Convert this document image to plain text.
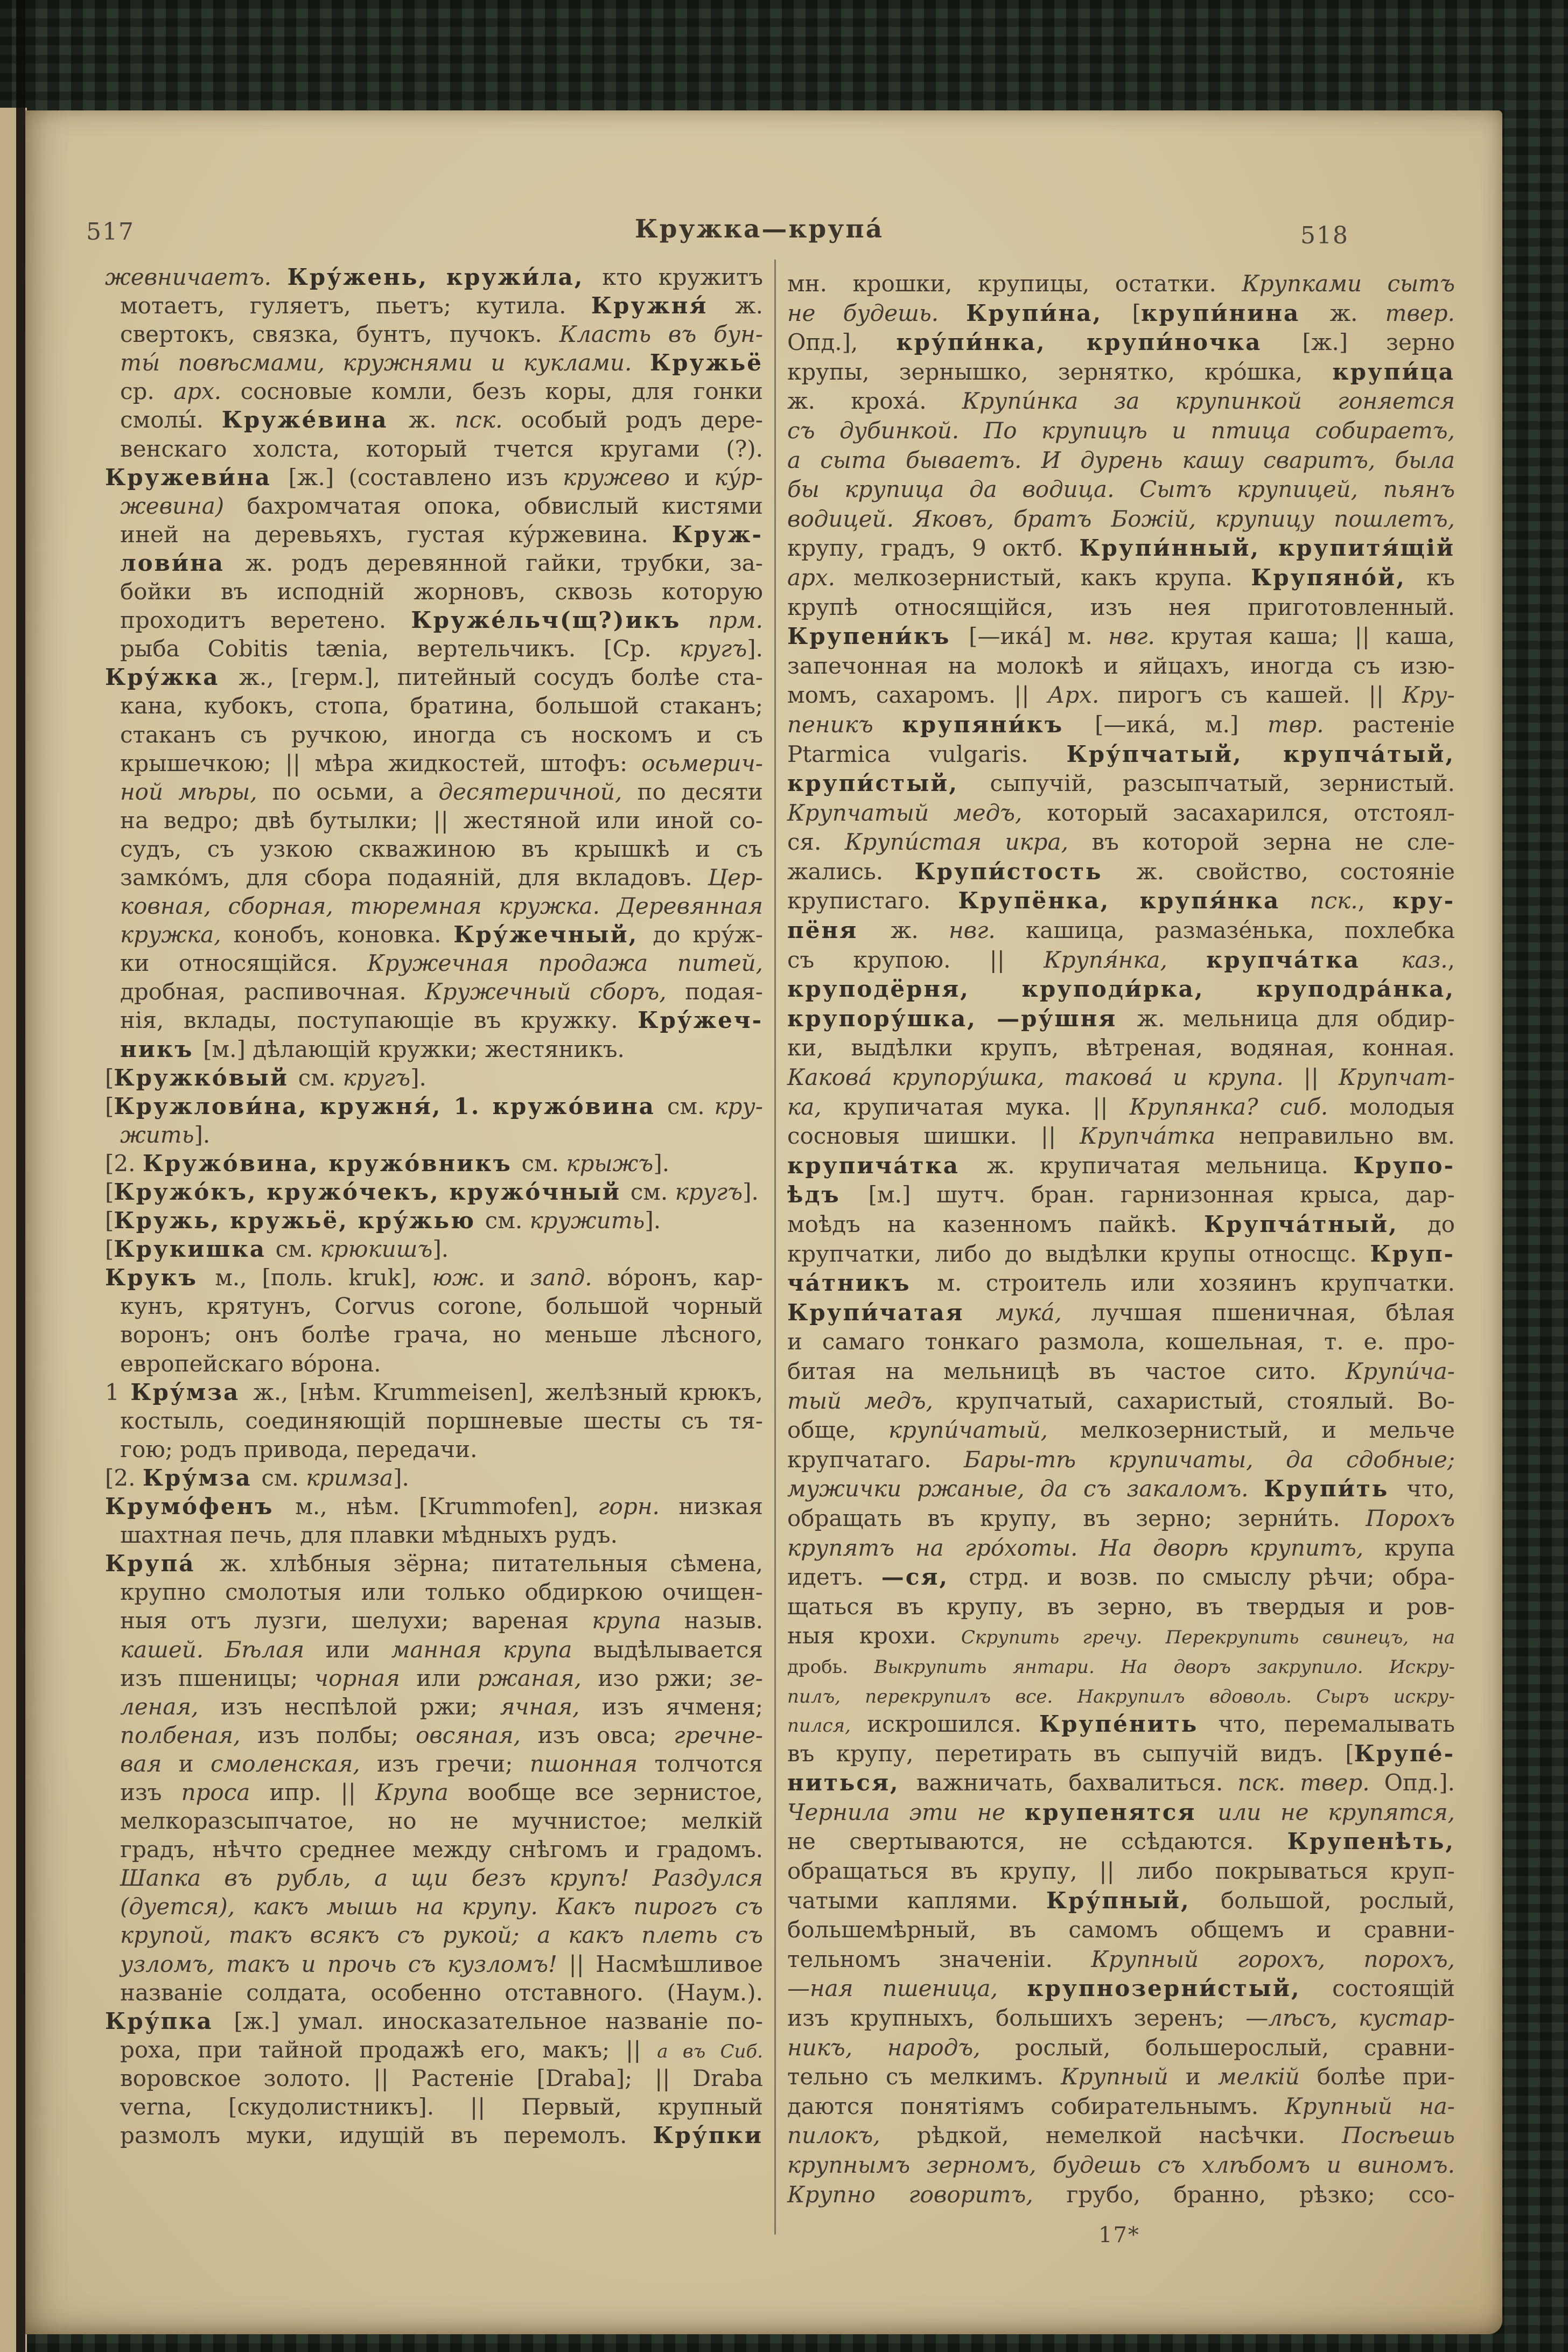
517	Кружка—крупа́	518
жевничаетъ. Кру́жень, кружи́ла, кто кружитъ
мотаетъ, гуляетъ, пьетъ; кутила. Кружня́ ж.
свертокъ, связка, бунтъ, пучокъ. Класть въ бун-
ты́ повѣсмами, кружнями и куклами. Кружьё
ср. арх. сосновые комли, безъ коры, для гонки
смолы́. Круже́вина ж. пск. особый родъ дере-
венскаго холста, который тчется кругами (?).
Кружеви́на [ж.] (составлено изъ кружево и ку́р-
жевина) бахромчатая опока, обвислый кистями
иней на деревьяхъ, густая ку́ржевина. Круж-
лови́на ж. родъ деревянной гайки, трубки, за-
бойки въ исподній жорновъ, сквозь которую
проходитъ веретено. Круже́льч(щ?)икъ прм.
рыба Cobitis tænia, вертельчикъ. [Ср. кругъ].
Кру́жка ж., [герм.], питейный сосудъ болѣе ста-
кана, кубокъ, стопа, братина, большой стаканъ;
стаканъ съ ручкою, иногда съ носкомъ и съ
крышечкою; || мѣра жидкостей, штофъ: осьмерич-
ной мѣры, по осьми, а десятеричной, по десяти
на ведро; двѣ бутылки; || жестяной или иной со-
судъ, съ узкою скважиною въ крышкѣ и съ
замко́мъ, для сбора подаяній, для вкладовъ. Цер-
ковная, сборная, тюремная кружка. Деревянная
кружка, конобъ, коновка. Кру́жечный, до кру́ж-
ки относящійся. Кружечная продажа питей,
дробная, распивочная. Кружечный сборъ, подая-
нія, вклады, поступающіе въ кружку. Кру́жеч-
никъ [м.] дѣлающій кружки; жестяникъ.
[Кружко́вый см. кругъ].
[Кружлови́на, кружня́, 1. кружо́вина см. кру-
жить].
[2. Кружо́вина, кружо́вникъ см. крыжъ].
[Кружо́къ, кружо́чекъ, кружо́чный см. кругъ].
[Кружь, кружьё, кру́жью см. кружить].
[Крукишка см. крюкишъ].
Крукъ м., [поль. kruk], юж. и запд. во́ронъ, кар-
кунъ, крятунъ, Corvus corone, большой чорный
воронъ; онъ болѣе грача, но меньше лѣсного,
европейскаго во́рона.
1 Кру́мза ж., [нѣм. Krummeisen], желѣзный крюкъ,
костыль, соединяющій поршневые шесты съ тя-
гою; родъ привода, передачи.
[2. Кру́мза см. кримза].
Крумо́фенъ м., нѣм. [Krummofen], горн. низкая
шахтная печь, для плавки мѣдныхъ рудъ.
Крупа́ ж. хлѣбныя зёрна; питательныя сѣмена,
крупно смолотыя или только обдиркою очищен-
ныя отъ лузги, шелухи; вареная крупа назыв.
кашей. Бѣлая или манная крупа выдѣлывается
изъ пшеницы; чорная или ржаная, изо ржи; зе-
леная, изъ неспѣлой ржи; ячная, изъ ячменя;
полбеная, изъ полбы; овсяная, изъ овса; гречне-
вая и смоленская, изъ гречи; пшонная толчотся
изъ проса ипр. || Крупа вообще все зернистое,
мелкоразсыпчатое, но не мучнистое; мелкій
градъ, нѣчто среднее между снѣгомъ и градомъ.
Шапка въ рубль, а щи безъ крупъ! Раздулся
(дуется), какъ мышь на крупу. Какъ пирогъ съ
крупой, такъ всякъ съ рукой; а какъ плеть съ
узломъ, такъ и прочь съ кузломъ! || Насмѣшливое
названіе солдата, особенно отставного. (Наум.).
Кру́пка [ж.] умал. иносказательное названіе по-
роха, при тайной продажѣ его, макъ; || а въ Сиб.
воровское золото. || Растеніе [Draba]; || Draba
verna, [скудолистникъ]. || Первый, крупный
размолъ муки, идущій въ перемолъ. Кру́пки
мн. крошки, крупицы, остатки. Крупками сытъ
не будешь. Крупи́на, [крупи́нина ж. твер.
Опд.], кру́пи́нка, крупи́ночка [ж.] зерно
крупы, зернышко, зернятко, кро́шка, крупи́ца
ж. кроха́. Крупи́нка за крупинкой гоняется
съ дубинкой. По крупицѣ и птица собираетъ,
а сыта бываетъ. И дурень кашу сваритъ, была
бы крупица да водица. Сытъ крупицей, пьянъ
водицей. Яковъ, братъ Божій, крупицу пошлетъ,
крупу, градъ, 9 октб. Крупи́нный, крупитя́щій
арх. мелкозернистый, какъ крупа. Крупяно́й, къ
крупѣ относящійся, изъ нея приготовленный.
Крупени́къ [—ика́] м. нвг. крутая каша; || каша,
запечонная на молокѣ и яйцахъ, иногда съ изю-
момъ, сахаромъ. || Арх. пирогъ съ кашей. || Кру-
пеникъ крупяни́къ [—ика́, м.] твр. растеніе
Ptarmica vulgaris. Кру́пчатый, крупча́тый,
крупи́стый, сыпучій, разсыпчатый, зернистый.
Крупчатый медъ, который засахарился, отстоял-
ся. Крупи́стая икра, въ которой зерна не сле-
жались. Крупи́стость ж. свойство, состояніе
крупистаго. Крупёнка, крупя́нка пск., кру-
пёня ж. нвг. кашица, размазе́нька, похлебка
съ крупою. || Крупя́нка, крупча́тка каз.,
круподёрня, круподи́рка, круподра́нка,
крупору́шка, —ру́шня ж. мельница для обдир-
ки, выдѣлки крупъ, вѣтреная, водяная, конная.
Какова́ крупору́шка, такова́ и крупа. || Крупчат-
ка, крупичатая мука. || Крупянка? сиб. молодыя
сосновыя шишки. || Крупча́тка неправильно вм.
крупича́тка ж. крупичатая мельница. Крупо-
ѣдъ [м.] шутч. бран. гарнизонная крыса, дар-
моѣдъ на казенномъ пайкѣ. Крупча́тный, до
крупчатки, либо до выдѣлки крупы относщс. Круп-
ча́тникъ м. строитель или хозяинъ крупчатки.
Крупи́чатая мука́, лучшая пшеничная, бѣлая
и самаго тонкаго размола, кошельная, т. е. про-
битая на мельницѣ въ частое сито. Крупи́ча-
тый медъ, крупчатый, сахаристый, стоялый. Во-
обще, крупи́чатый, мелкозернистый, и мельче
крупчатаго. Бары-тѣ крупичаты, да сдобные;
мужички ржаные, да съ закаломъ. Крупи́ть что,
обращать въ крупу, въ зерно; зерни́ть. Порохъ
крупятъ на гро́хоты. На дворѣ крупитъ, крупа
идетъ. —ся, стрд. и возв. по смыслу рѣчи; обра-
щаться въ крупу, въ зерно, въ твердыя и ров-
ныя крохи. Скрупить гречу. Перекрупить свинецъ, на
дробь. Выкрупить янтари. На дворъ закрупило. Искру-
пилъ, перекрупилъ все. Накрупилъ вдоволь. Сыръ искру-
пился, искрошился. Крупе́нить что, перемалывать
въ крупу, перетирать въ сыпучій видъ. [Крупе́-
ниться, важничать, бахвалиться. пск. твер. Опд.].
Чернила эти не крупенятся или не крупятся,
не свертываются, не ссѣдаются. Крупенѣть,
обращаться въ крупу, || либо покрываться круп-
чатыми каплями. Кру́пный, большой, рослый,
большемѣрный, въ самомъ общемъ и сравни-
тельномъ значеніи. Крупный горохъ, порохъ,
—ная пшеница, крупнозерни́стый, состоящій
изъ крупныхъ, большихъ зеренъ; —лѣсъ, кустар-
никъ, народъ, рослый, большерослый, сравни-
тельно съ мелкимъ. Крупный и мелкій болѣе при-
даются понятіямъ собирательнымъ. Крупный на-
пилокъ, рѣдкой, немелкой насѣчки. Посѣешь
крупнымъ зерномъ, будешь съ хлѣбомъ и виномъ.
Крупно говоритъ, грубо, бранно, рѣзко; ссо-
17*
